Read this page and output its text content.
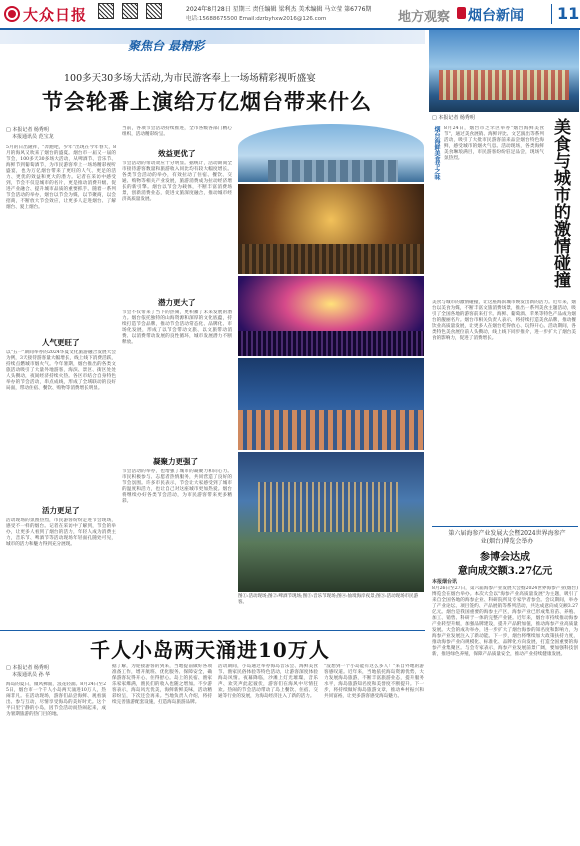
大众日报	2024年8月28日 星期三 责任编辑 梁利杰 美术编辑 马立莹 第6776期
电话:15688675500 Email:dzrbyhxw2016@126.com	地方观察 烟台新闻 11
聚焦台 最精彩
100多天30多场大活动,为市民游客奉上一场场精彩视听盛宴
节会轮番上演给万亿烟台带来什么
□ 本报记者 杨秀明
本报通讯员 范宝龙
5月的日出隆祥，"奔跑吧，少年"出现在今年春天，8月的海风又吹来了烟台的盛夏。烟台市一届又一届的节会，100多天30多场大活动，从啤酒节、音乐节、海鲜节到葡萄酒节，为市民游客奉上一场场精彩视听盛宴，也为万亿烟台带来了更旺的人气、更足的活力、更优的效益和更大的潜力。记者在采访中感受到，节会不仅是城市的名片，更是推动消费升级、促进产业融合、提升城市品质的重要抓手。随着一系列节会活动的举办，烟台以节会为媒，以节聚商，以会招商，不断放大节会效应，让更多人走进烟台、了解烟台、爱上烟台。
人气更旺了
以"五一"期间举办的2024华夏文化旅游融合发展大会为例，3天接待游客量大幅增长，线上线下消费活跃，持续点燃城市烟火气。今年暑期，烟台推出的各类文旅活动吸引了大量外地游客，海滨、景区、街区处处人头攒动，夜间经济持续火热。各区市结合自身特色举办的节会活动，串点成线，形成了全域联动的良好局面，带动住宿、餐饮、购物等消费增长明显。
活力更足了
活动现场的氛围热烈，市民游客纷纷走进节会现场，感受不一样的烟台。记者在采访中了解到，节会的举办，让更多人看到了烟台的活力，年轻人成为消费主力，音乐节、啤酒节等活动现场年轻面孔随处可见，城市的活力和魅力得到充分展现。
当前，各项节会活动持续推进，全市各级各部门精心组织，活动精彩纷呈。
效益更优了
节会活动的带动效应十分明显。据统计，活动期间全市接待游客数量和旅游收入同比均有较大幅度增长。各类节会活动的举办，有效拉动了住宿、餐饮、交通、购物等相关产业发展，旅游消费成为拉动经济增长的新引擎。烟台以节会为载体，不断丰富消费场景，创新消费业态，促进文旅深度融合，推动城市经济高质量发展。
潜力更大了
节会不仅带来了当下的热闹，更积蓄了未来发展的潜力。烟台依托独特的山海资源和深厚的文化底蕴，持续打造节会品牌，推动节会活动常态化、品牌化、市场化发展，形成了以节会带动文旅、以文旅带动消费、以消费带动发展的良性循环，城市发展潜力不断释放。
凝聚力更强了
节会活动的举办，也增强了城市的凝聚力和向心力。市民积极参与、志愿者热情服务，共同营造了良好的节会氛围。许多市民表示，节会让大家感受到了城市的温度和活力，也让自己对这座城市更加热爱。烟台将继续办好各类节会活动，为市民游客带来更多精彩。
图①:活动现场;图②:啤酒节现场;图③:音乐节现场;图④:仙境海岸夜景;图⑤:活动现场市民游客。
□ 本报记者 杨秀明
烟台海鲜美食节之味	美食与城市的激情碰撞
8月24日，烟台市芝罘区举办"烟台海鲜美食节"，通过美食展销、海鲜评比、文艺演出等系列活动，吸引了大批市民游客前来品尝烟台特色海鲜，感受城市的烟火气息。活动现场，各类海鲜美食琳琅满目，市民游客纷纷驻足品尝，现场气氛热烈。
美食与城市的激情碰撞，让这座海滨城市焕发出新的活力。近年来，烟台以美食为媒，不断丰富文旅消费场景，推出一系列美食主题活动，吸引了全国各地的游客前来打卡。海鲜、葡萄酒、苹果等特色产品成为烟台的靓丽名片。烟台市相关负责人表示，将持续打造美食品牌，推动餐饮业高质量发展，让更多人在烟台吃得放心、玩得开心。活动期间，各类特色美食展位前人头攒动，线上线下同步推介，进一步扩大了烟台美食的影响力，促进了消费增长。
第六届海参产业发展大会暨2024世界海参产业(烟台)博览会举办
参博会达成
意向成交额3.27亿元
本报烟台讯
8月26日至27日，第六届海参产业发展大会暨2024世界海参产业(烟台)博览会在烟台举办。本次大会以"海参产业高质量发展"为主题，吸引了来自全国各地的海参企业、科研院所及专家学者参会。会议期间，举办了产业论坛、项目签约、产品展销等系列活动，共达成意向成交额3.27亿元。烟台是我国重要的海参主产区，海参产业已形成集育苗、养殖、加工、销售、科研于一体的完整产业链。近年来，烟台市持续推动海参产业转型升级，加强品牌建设，提升产品附加值，推动海参产业高质量发展。大会的成功举办，进一步扩大了烟台海参的知名度和影响力，为海参产业发展注入了新动能。下一步，烟台将继续加大政策扶持力度，推动海参产业向规模化、标准化、品牌化方向发展，打造全国重要的海参产业集聚区。与会专家表示，海参产业发展前景广阔，要加强科技创新，推进绿色养殖，保障产品质量安全，推动产业持续健康发展。
千人小岛两天涌进10万人
□ 本报记者 杨秀明
本报通讯员 孙 华
海岛的夏日，微风拂面，浪花轻涌。8月24日至25日，烟台市一个千人小岛两天涌进10万人，热闹非凡。在活动现场，游客们品尝海鲜、观看演出、参与互动，尽情享受海岛的美好时光。这个平日里宁静的小岛，因节会活动而热闹起来，成为暑期旅游的热门目的地。
据了解，为迎接游客的到来，当地提前做好各项准备工作，增开航班、优化服务、保障安全，确保游客玩得开心、住得舒心。岛上的民宿、渔家乐家家爆满，渔民们的收入也随之增加。不少游客表示，海岛风光优美，海鲜新鲜美味，活动精彩纷呈，下次还会再来。当地负责人介绍，将持续完善旅游配套设施，打造海岛旅游品牌。
活动期间，小岛通过举办海岛音乐会、海鲜美食节、渔家民俗体验等特色活动，让游客深度体验海岛风情。夜幕降临，沙滩上灯光璀璨，音乐声、欢笑声此起彼伏，游客们在海风中尽情狂欢。热闹的节会活动带动了岛上餐饮、住宿、交通等行业的发展，为海岛经济注入了新的活力。
"没想到一个小岛能有这么多人！"来自外地的游客感叹道。近年来，当地依托海岛资源优势，大力发展海岛旅游，不断丰富旅游业态，提升服务水平，海岛旅游知名度和美誉度不断提升。下一步，将持续做好海岛旅游文章，推动乡村振兴和共同富裕，让更多游客感受海岛魅力。
